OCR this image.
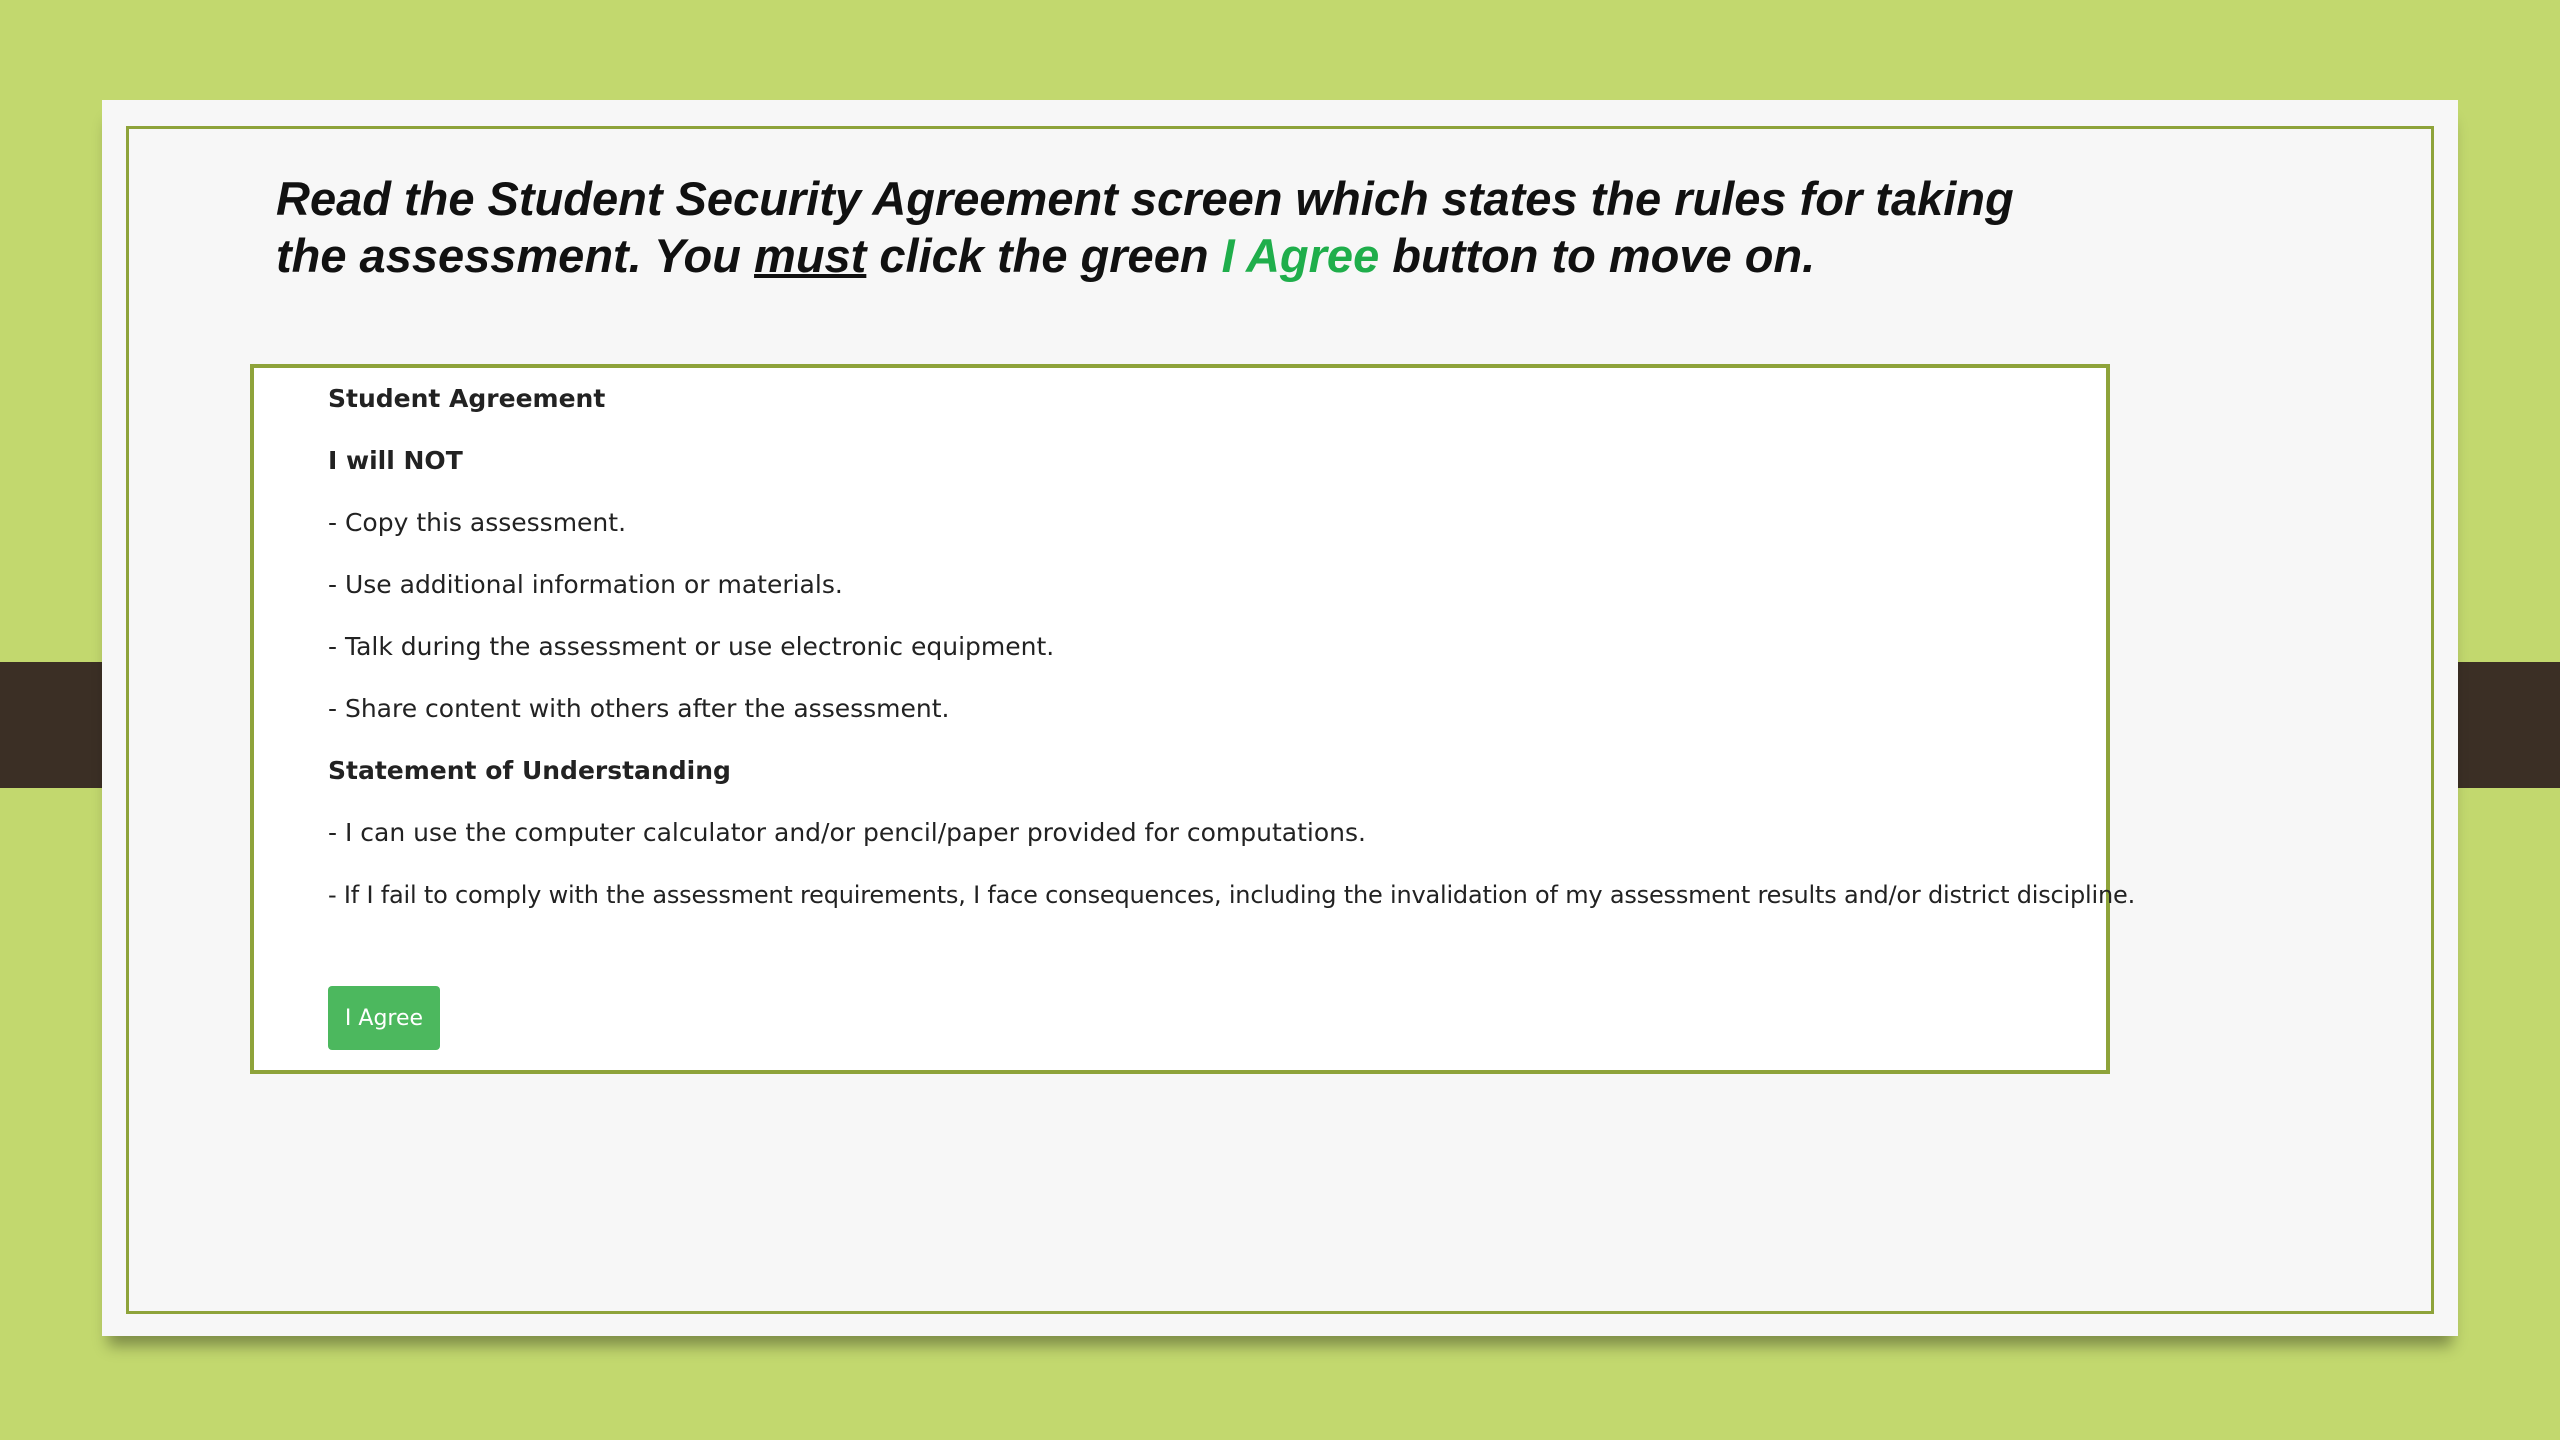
Read the Student Security Agreement screen which states the rules for taking
the assessment. You must click the green I Agree button to move on.

Student Agreement
I will NOT
- Copy this assessment.
- Use additional information or materials.
- Talk during the assessment or use electronic equipment.
- Share content with others after the assessment.
Statement of Understanding
- I can use the computer calculator and/or pencil/paper provided for computations.
- If I fail to comply with the assessment requirements, I face consequences, including the invalidation of my assessment results and/or district discipline.
I Agree
